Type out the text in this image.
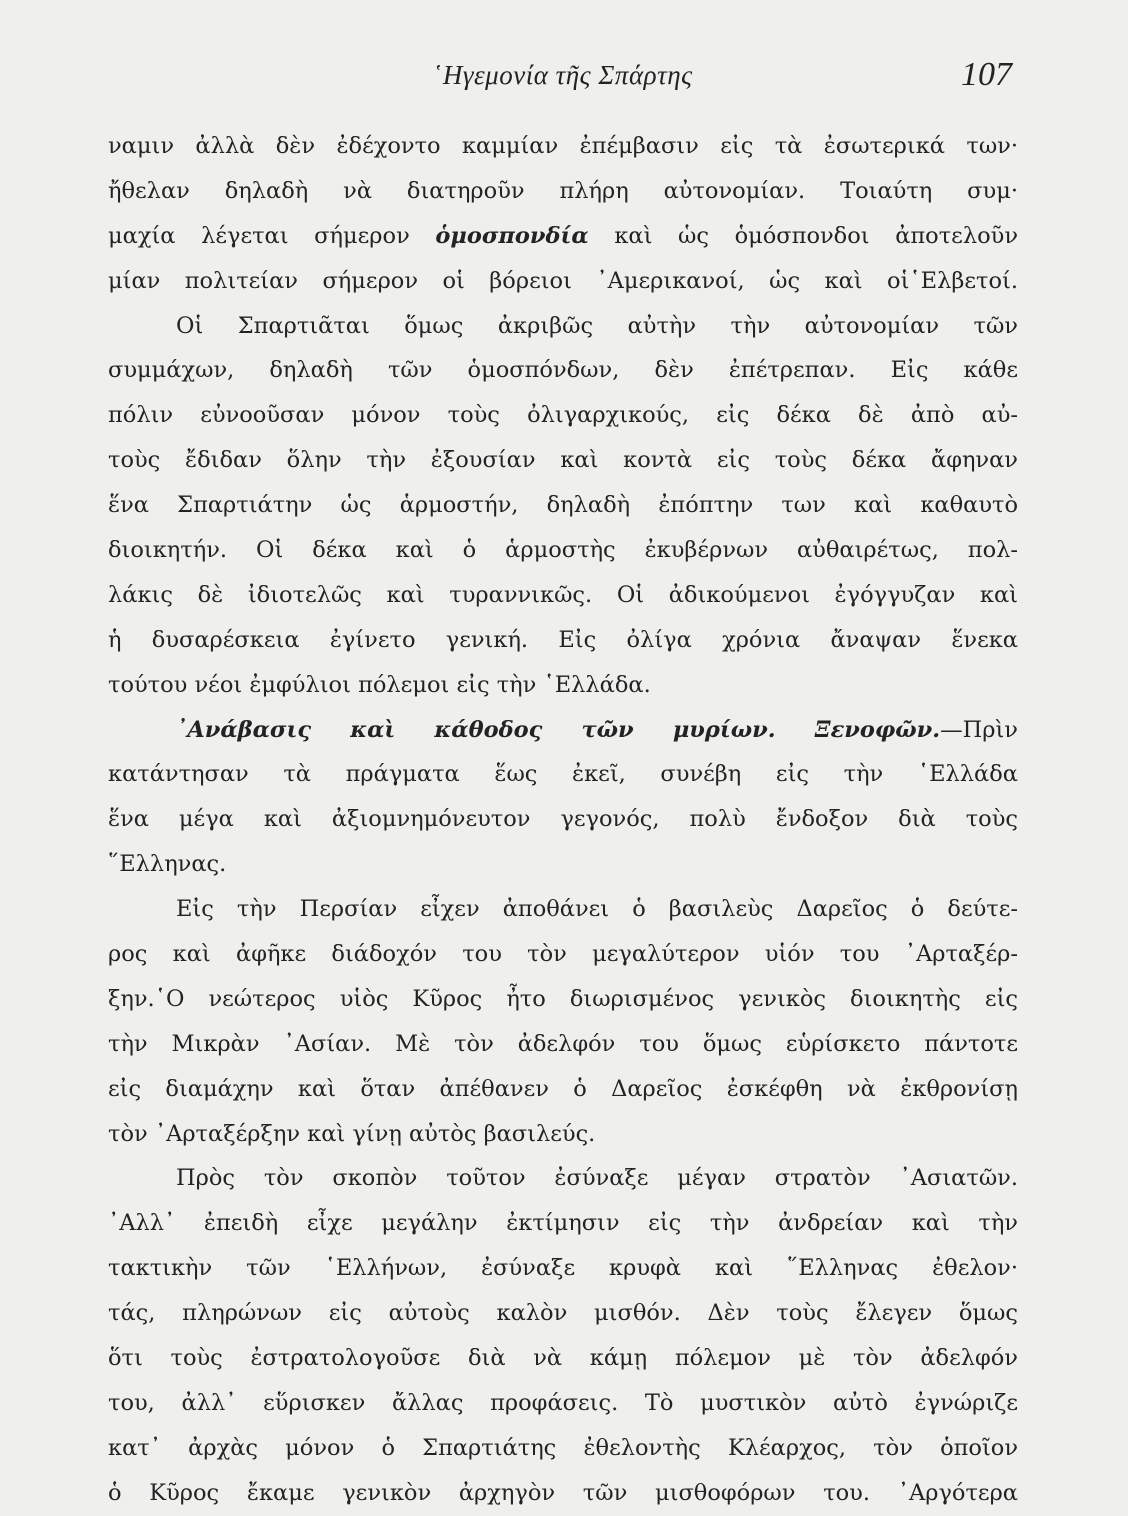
῾Ηγεμονία τῆς Σπάρτης	107
ναμιν ἀλλὰ δὲν ἐδέχοντο καμμίαν ἐπέμβασιν εἰς τὰ ἐσωτερικά των·
ἤθελαν δηλαδὴ νὰ διατηροῦν πλήρη αὐτονομίαν. Τοιαύτη συμ·
μαχία λέγεται σήμερον ὁμοσπονδία καὶ ὡς ὁμόσπονδοι ἀποτελοῦν
μίαν πολιτείαν σήμερον οἱ βόρειοι ᾿Αμερικανοί, ὡς καὶ οἱ῾Ελβετοί.
Οἱ Σπαρτιᾶται ὅμως ἀκριβῶς αὐτὴν τὴν αὐτονομίαν τῶν
συμμάχων, δηλαδὴ τῶν ὁμοσπόνδων, δὲν ἐπέτρεπαν. Εἰς κάθε
πόλιν εὐνοοῦσαν μόνον τοὺς ὀλιγαρχικούς, εἰς δέκα δὲ ἀπὸ αὐ-
τοὺς ἔδιδαν ὅλην τὴν ἐξουσίαν καὶ κοντὰ εἰς τοὺς δέκα ἄφηναν
ἕνα Σπαρτιάτην ὡς ἁρμοστήν, δηλαδὴ ἐπόπτην των καὶ καθαυτὸ
διοικητήν. Οἱ δέκα καὶ ὁ ἁρμοστὴς ἐκυβέρνων αὐθαιρέτως, πολ-
λάκις δὲ ἰδιοτελῶς καὶ τυραννικῶς. Οἱ ἀδικούμενοι ἐγόγγυζαν καὶ
ἡ δυσαρέσκεια ἐγίνετο γενική. Εἰς ὀλίγα χρόνια ἄναψαν ἕνεκα
τούτου νέοι ἐμφύλιοι πόλεμοι εἰς τὴν ῾Ελλάδα.
᾿Ανάβασις καὶ κάθοδος τῶν μυρίων. Ξενοφῶν.—Πρὶν
κατάντησαν τὰ πράγματα ἕως ἐκεῖ, συνέβη εἰς τὴν ῾Ελλάδα
ἕνα μέγα καὶ ἀξιομνημόνευτον γεγονός, πολὺ ἔνδοξον διὰ τοὺς
῞Ελληνας.
Εἰς τὴν Περσίαν εἶχεν ἀποθάνει ὁ βασιλεὺς Δαρεῖος ὁ δεύτε-
ρος καὶ ἀφῆκε διάδοχόν του τὸν μεγαλύτερον υἱόν του ᾿Αρταξέρ-
ξην.῾Ο νεώτερος υἱὸς Κῦρος ἦτο διωρισμένος γενικὸς διοικητὴς εἰς
τὴν Μικρὰν ᾿Ασίαν. Μὲ τὸν ἀδελφόν του ὅμως εὑρίσκετο πάντοτε
εἰς διαμάχην καὶ ὅταν ἀπέθανεν ὁ Δαρεῖος ἐσκέφθη νὰ ἐκθρονίσῃ
τὸν ᾿Αρταξέρξην καὶ γίνῃ αὐτὸς βασιλεύς.
Πρὸς τὸν σκοπὸν τοῦτον ἐσύναξε μέγαν στρατὸν ᾿Ασιατῶν.
᾿Αλλ᾿ ἐπειδὴ εἶχε μεγάλην ἐκτίμησιν εἰς τὴν ἀνδρείαν καὶ τὴν
τακτικὴν τῶν ῾Ελλήνων, ἐσύναξε κρυφὰ καὶ ῞Ελληνας ἐθελον·
τάς, πληρώνων εἰς αὐτοὺς καλὸν μισθόν. Δὲν τοὺς ἔλεγεν ὅμως
ὅτι τοὺς ἐστρατολογοῦσε διὰ νὰ κάμῃ πόλεμον μὲ τὸν ἀδελφόν
του, ἀλλ᾿ εὕρισκεν ἄλλας προφάσεις. Τὸ μυστικὸν αὐτὸ ἐγνώριζε
κατ᾿ ἀρχὰς μόνον ὁ Σπαρτιάτης ἐθελοντὴς Κλέαρχος, τὸν ὁποῖον
ὁ Κῦρος ἔκαμε γενικὸν ἀρχηγὸν τῶν μισθοφόρων του. ᾿Αργότερα
